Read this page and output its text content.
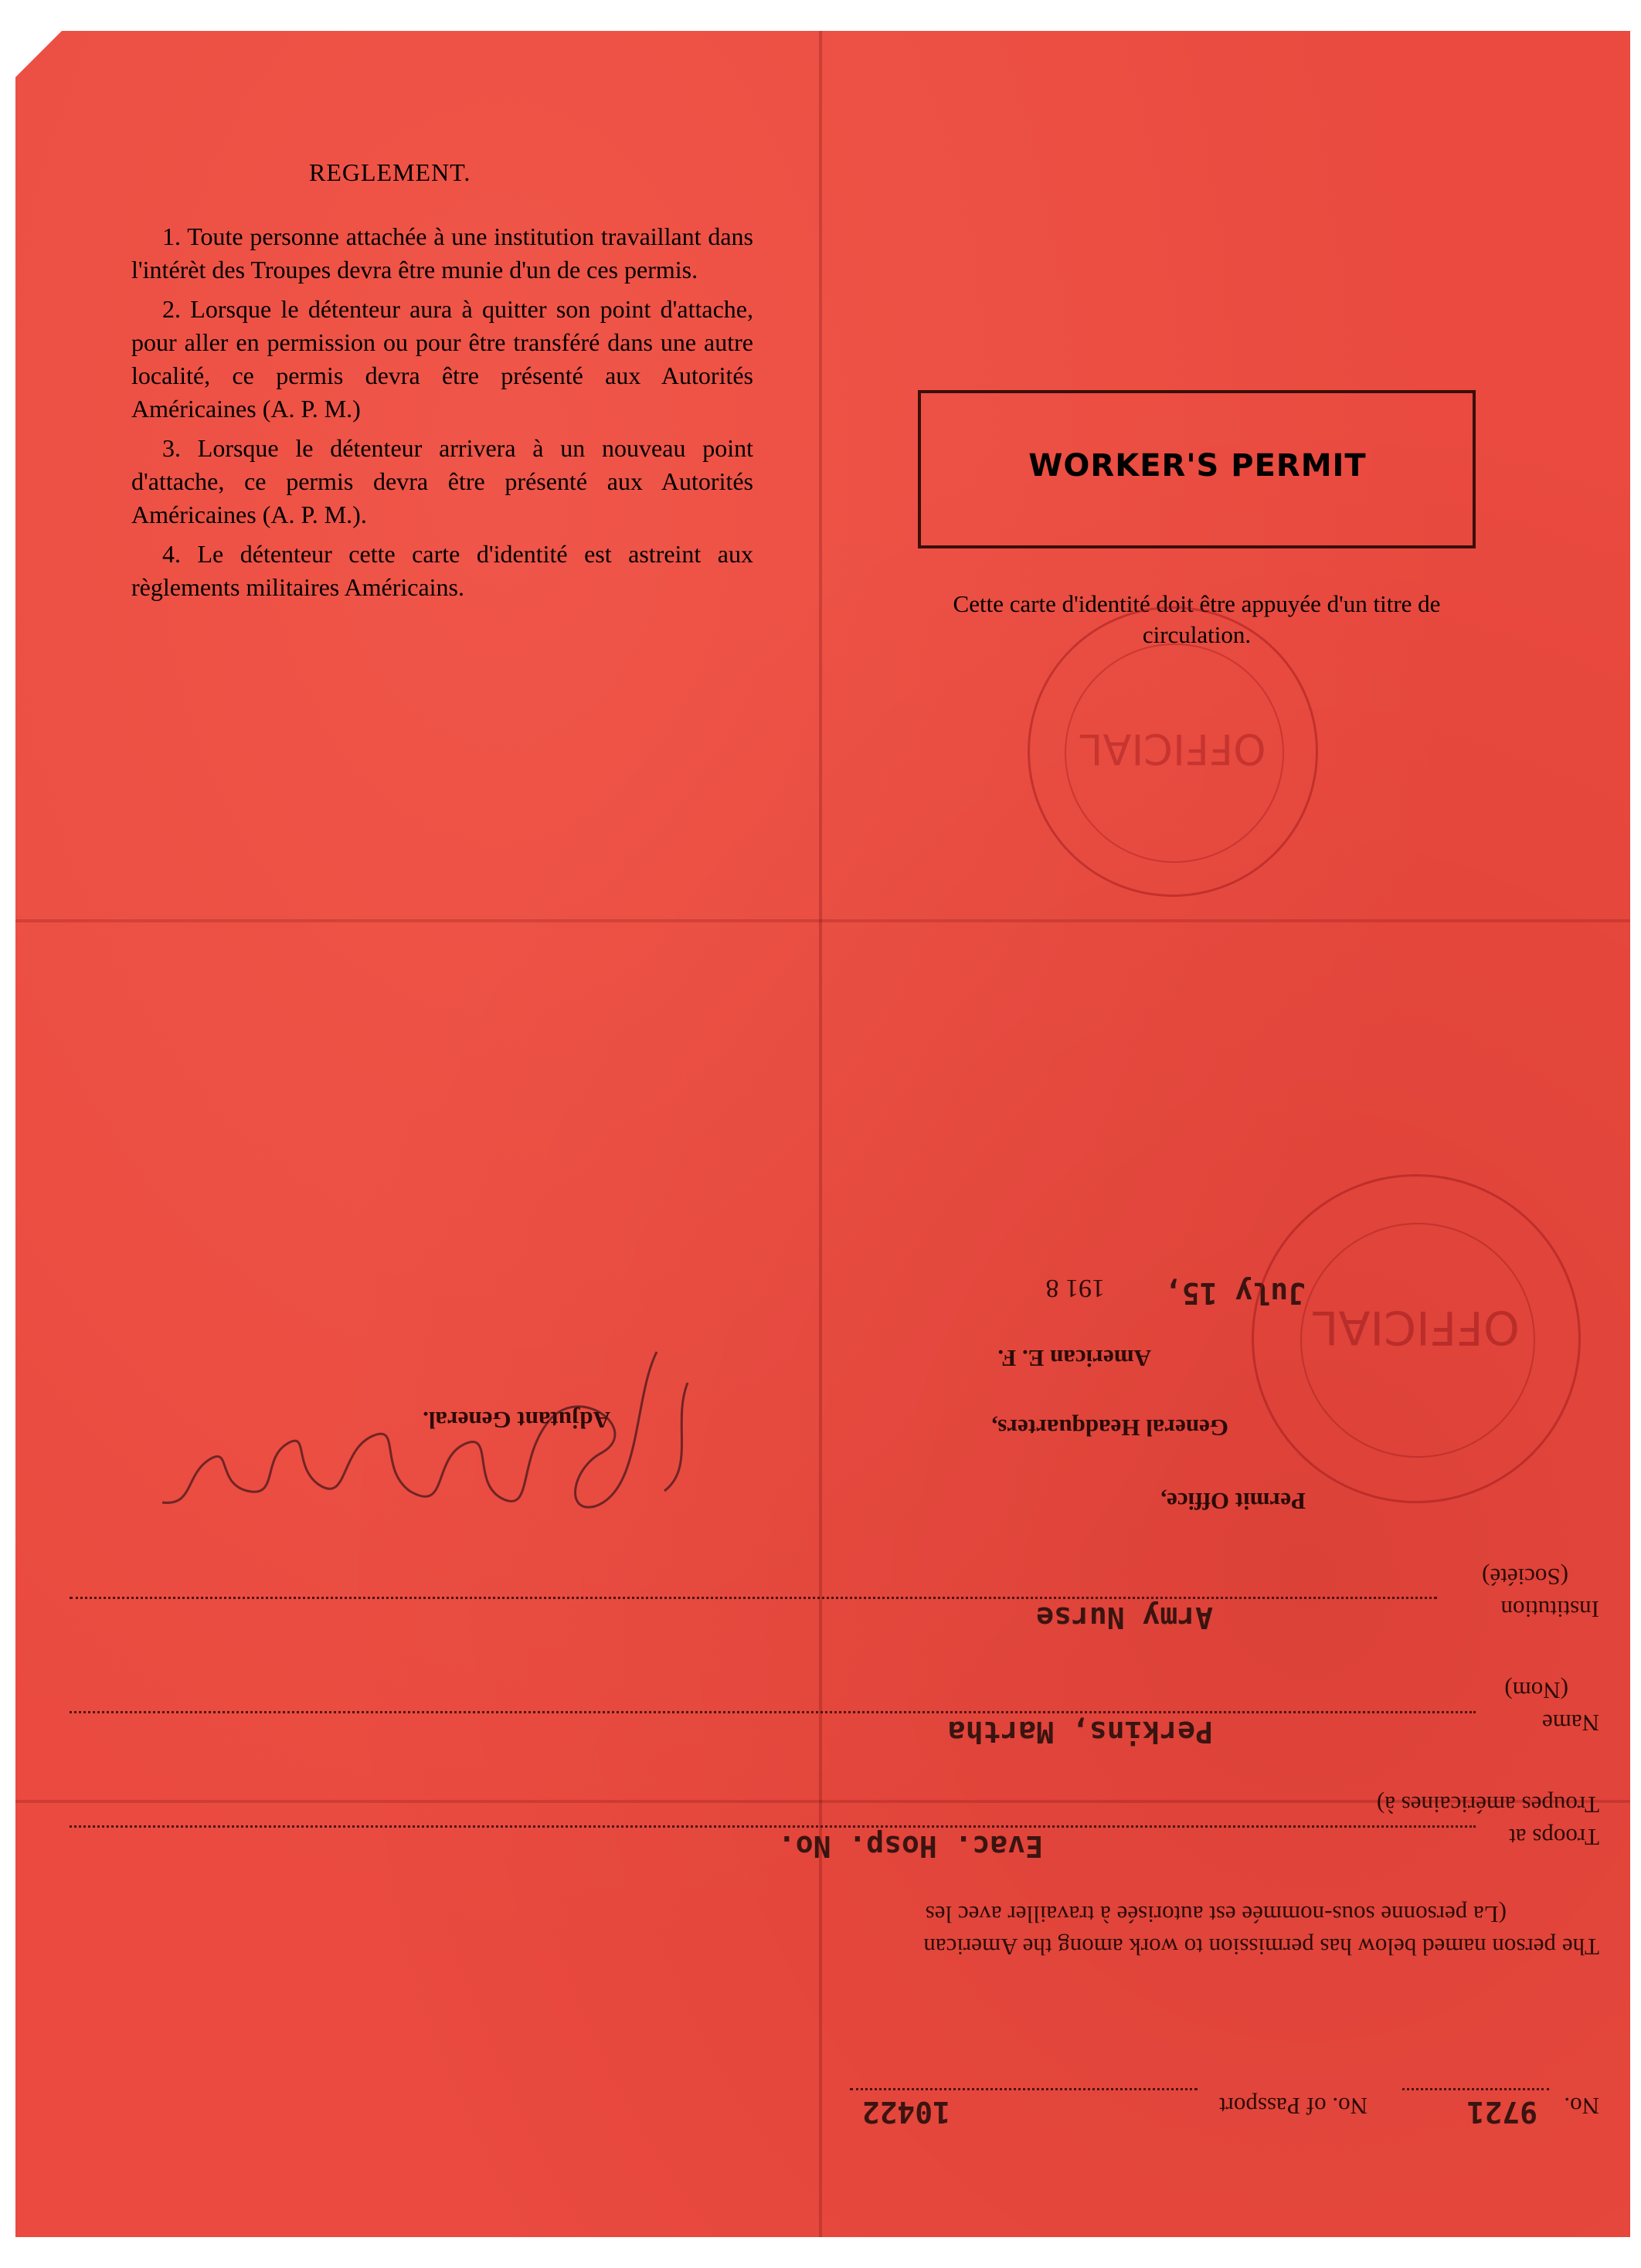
REGLEMENT.
1. Toute personne attachée à une institution travaillant dans l'intérèt des Troupes devra être munie d'un de ces permis.
2. Lorsque le détenteur aura à quitter son point d'attache, pour aller en permission ou pour être transféré dans une autre localité, ce permis devra être présenté aux Autorités Américaines (A. P. M.)
3. Lorsque le détenteur arrivera à un nouveau point d'attache, ce permis devra être présenté aux Autorités Américaines (A. P. M.).
4. Le détenteur cette carte d'identité est astreint aux règlements militaires Américains.
WORKER'S PERMIT
Cette carte d'identité doit être appuyée d'un titre de circulation.
OFFICIAL
No.
9721
No. of Passport
10422
The person named below has permission to work among the American
(La personne sous-nommée est autorisée à travailler avec les
Troops at
Troupes américaines à)
Evac. Hosp. No.
Name
(Nom)
Perkins, Martha
Institution
(Société)
Army Nurse
Permit Office,
General Headquarters,
American E. F.
July 15,
191 8
Adjutant General.
OFFICIAL
